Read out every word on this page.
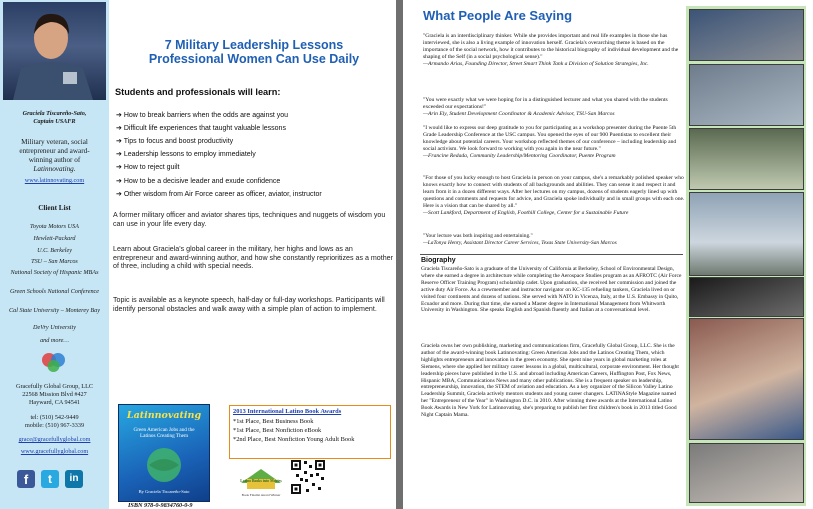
Graciela Tiscareño-Sato,
Captain USAFR
Military veteran, social
entrepreneur and award-
winning author of
Latinnovating.
www.latinnovating.com
Client List
Toyota Motors USA
Hewlett-Packard
U.C. Berkeley
TSU – San Marcos
National Society of Hispanic MBAs
Green Schools National Conference
Cal State University – Monterey Bay
DeVry University
and more…
Gracefully Global Group, LLC
22568 Mission Blvd #427
Hayward, CA 94541
tel: (510) 542-9449
mobile: (510) 967-3339
grace@gracefullyglobal.com
www.gracefullyglobal.com
f	t	in
7 Military Leadership Lessons
Professional Women Can Use Daily
Students and professionals will learn:
➔ How to break barriers when the odds are against you
➔ Difficult life experiences that taught valuable lessons
➔ Tips to focus and boost productivity
➔ Leadership lessons to employ immediately
➔ How to reject guilt
➔ How to be a decisive leader and exude confidence
➔ Other wisdom from Air Force career as officer, aviator, instructor
A former military officer and aviator shares tips, techniques and nuggets of wisdom you can use in your life every day.
Learn about Graciela's global career in the military, her highs and lows as an entrepreneur and award-winning author, and how she constantly reprioritizes as a mother of three, including a child with special needs.
Topic is available as a keynote speech, half-day or full-day workshops. Participants will identify personal obstacles and walk away with a simple plan of action to implement.
Latinnovating
Green American Jobs and the Latinos Creating Them
By Graciela Tiscareño-Sato
ISBN 978-0-9834760-0-9
2013 International Latino Book Awards
*1st Place, Best Business Book
*1st Place, Best Nonfiction eBook
*2nd Place, Best Nonfiction Young Adult Book
Latino Books into Movies
Book Finalist Award Winner
What People Are Saying
"Graciela is an interdisciplinary thinker. While she provides important and real life examples in those she has interviewed, she is also a living example of innovation herself. Graciela's overarching theme is based on the importance of the social network, how it contributes to the historical biography of individual development and the shaping of the Self (in a social psychological sense)."
—Armando Arias, Founding Director, Street Smart Think Tank a Division of Solution Strategies, Inc.
"You were exactly what we were hoping for in a distinguished lecturer and what you shared with the students exceeded our expectations!"
—Arin Ely, Student Development Coordinator & Academic Advisor, TSU-San Marcos
"I would like to express our deep gratitude to you for participating as a workshop presenter during the Puente 5th Grade Leadership Conference at the USC campus. You opened the eyes of our 900 Puentistas to excellent their knowledge about potential careers. Your workshop reflected themes of our conference – including leadership and social activism. We look forward to working with you again in the near future."
—Francine Redada, Community Leadership/Mentoring Coordinator, Puente Program
"For those of you lucky enough to host Graciela in person on your campus, she's a remarkably polished speaker who knows exactly how to connect with students of all backgrounds and abilities. They can sense it and respect it and learn from it in a dozen different ways. After her lectures on my campus, dozens of students eagerly lined up with questions and comments and requests for advice, and Graciela spoke individually and in small groups with each one. Here is a vision that can be shared by all."
—Scott Lankford, Department of English, Foothill College, Center for a Sustainable Future
"Your lecture was both inspiring and entertaining."
—LaTonya Henry, Assistant Director Career Services, Texas State University-San Marcos
Biography
Graciela Tiscareño-Sato is a graduate of the University of California at Berkeley, School of Environmental Design, where she earned a degree in architecture while completing the Aerospace Studies program as an AFROTC (Air Force Reserve Officer Training Program) scholarship cadet. Upon graduation, she received her commission and joined the active duty Air Force. As a crewmember and instructor navigator on KC-135 refueling tankers, Graciela lived on or visited four continents and dozens of nations. She served with NATO in Vicenza, Italy, at the U.S. Embassy in Quito, Ecuador and more. During that time, she earned a Master degree in International Management from Whitworth University in Washington. She speaks English and Spanish fluently and Italian at a conversational level.
Graciela owns her own publishing, marketing and communications firm, Gracefully Global Group, LLC. She is the author of the award-winning book Latinnovating: Green American Jobs and the Latinos Creating Them, which highlights entrepreneurs and innovation in the green economy. She spent nine years in global marketing roles at Siemens, where she applied her military career lessons in a global, multicultural, corporate environment. Her thought leadership pieces have published in the U.S. and abroad including American Careers, Huffington Post, Fox News, Hispanic MBA, Communications News and many other publications. She is a frequent speaker on leadership, entrepreneurship, innovation, the STEM of aviation and education. As a key organizer of the Silicon Valley Latino Leadership Summit, Graciela actively mentors students and young career changers. LATINAStyle Magazine named her "Entrepreneur of the Year" in Washington D.C. in 2010. After winning three awards at the International Latino Book Awards in New York for Latinnovating, she's preparing to publish her first children's book in 2013 titled Good Night Captain Mama.
